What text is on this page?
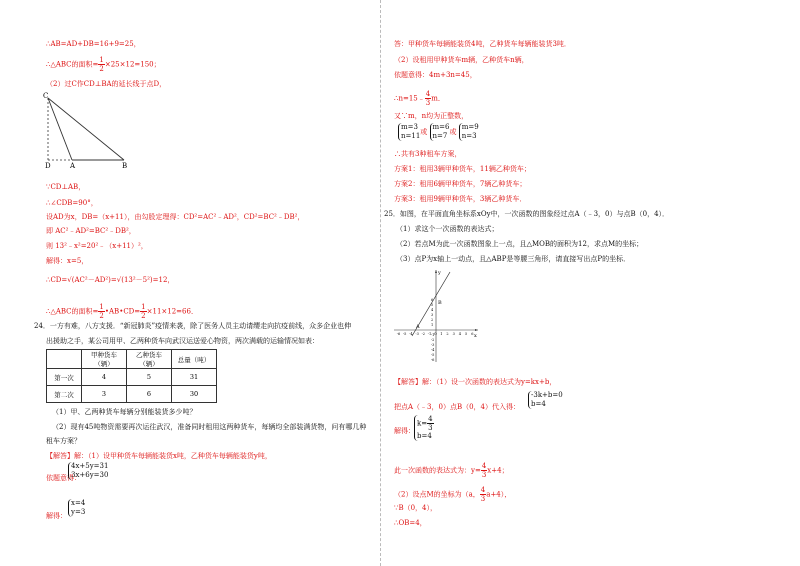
∴AB=AD+DB=16+9=25，
∴△ABC的面积= $\frac{1}{2}\times 25\times 12=150$；
（2）过C作CD⊥BA的延长线于点D，
C
D	A	B
∵CD⊥AB，
∴∠CDB=90°，
设AD为x，DB=（x+11），由勾股定理得：CD²=AC²﹣AD²，CD²=BC²﹣DB²，
即 AC²﹣AD²=BC²﹣DB²，
则 13²﹣x²=20²﹣（x+11）²，
解得：x=5，
∴CD=√(AC²－AD²)=√(13²－5²)=12，
∴△ABC的面积= $\frac{1}{2}•AB•CD= \frac{1}{2}\times 11\times 12=66$．
24．一方有难，八方支援．“新冠肺炎”疫情来袭，除了医务人员主动请缨走向抗疫前线，众多企业也伸
出援助之手，某公司用甲、乙两种货车向武汉运送爱心物资，两次满载的运输情况如表：
	甲种货车（辆）	乙种货车（辆）	总量（吨）
第一次	4	5	31
第二次	3	6	30
（1）甲、乙两种货车每辆分别能装货多少吨？
（2）现有45吨物资需要再次运往武汉，准备同时租用这两种货车，每辆均全部装满货物，问有哪几种
租车方案？
【解答】解：（1）设甲种货车每辆能装货x吨，乙种货车每辆能装货y吨，
依题意得：
4x+5y=31
3x+6y=30
解得：
x=4
y=3
答：甲种货车每辆能装货4吨，乙种货车每辆能装货3吨．
（2）设租用甲种货车m辆，乙种货车n辆，
依题意得：4m+3n=45，
∴n=15﹣ $\frac{4}{3}m$．
又∵m，n均为正整数，
m=3
n=11 或
m=6
n=7 或
m=9
n=3
∴共有3种租车方案，
方案1：租用3辆甲种货车，11辆乙种货车；
方案2：租用6辆甲种货车，7辆乙种货车；
方案3：租用9辆甲种货车，3辆乙种货车．
25．如图，在平面直角坐标系xOy中，一次函数的图象经过点A（﹣3，0）与点B（0，4）．
（1）求这个一次函数的表达式；
（2）若点M为此一次函数图象上一点，且△MOB的面积为12，求点M的坐标；
（3）点P为x轴上一动点，且△ABP是等腰三角形，请直接写出点P的坐标．
x
y
A
B
-6 -5 -4 -3 -2 -1 O 1 2 3 4 5 6
6
5
4
3
2
1
-1
-2
-3
-4
-5
-6
【解答】解：（1）设一次函数的表达式为y=kx+b，
把点A（﹣3，0）点B（0，4）代入得：
-3k+b=0
b=4
解得：
$k= \frac{4}{3}$
b=4
此一次函数的表达式为：$y= \frac{4}{3}x+4$；
（2）设点M的坐标为（a， $\frac{4}{3}a+4$），
∵B（0，4），
∴OB=4，
